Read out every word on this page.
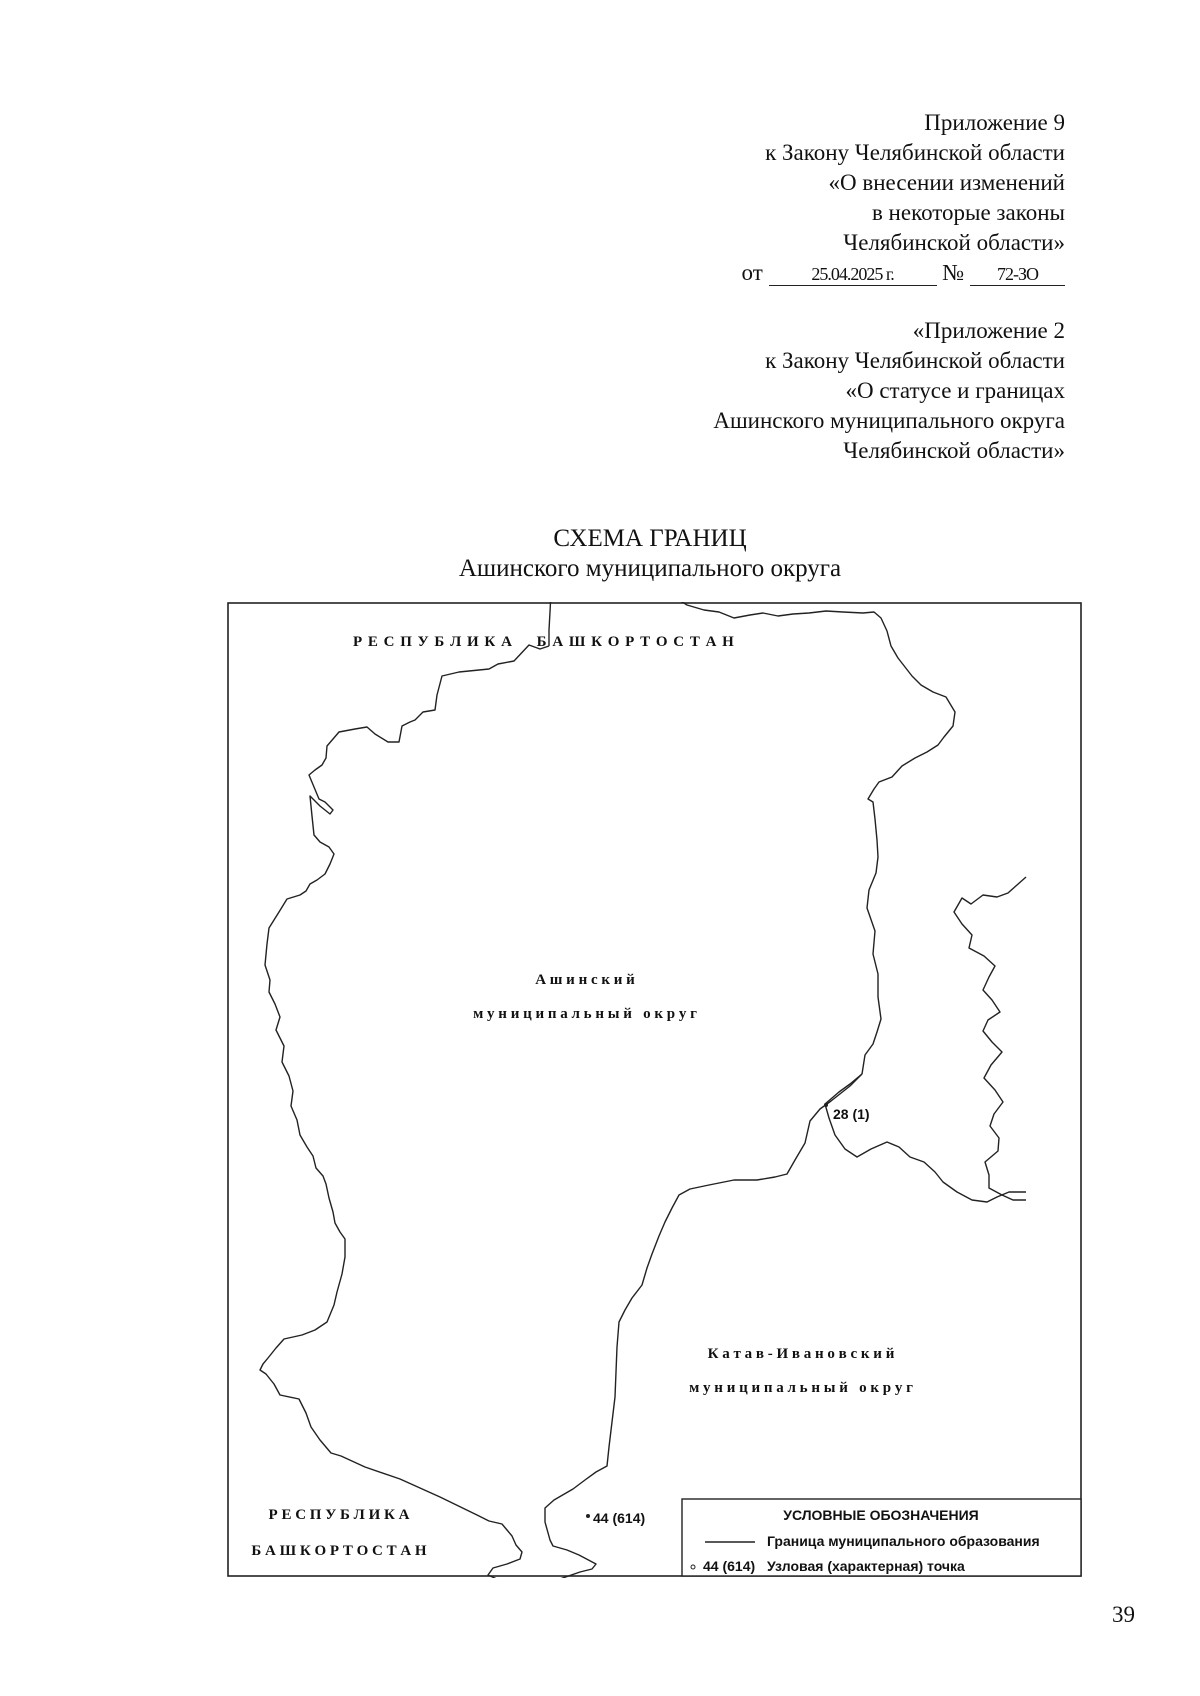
Приложение 9
к Закону Челябинской области
«О внесении изменений
в некоторые законы
Челябинской области»
от	25.04.2025 г. № 72-ЗО
«Приложение 2
к Закону Челябинской области
«О статусе и границах
Ашинского муниципального округа
Челябинской области»
СХЕМА ГРАНИЦ
Ашинского муниципального округа
Р Е С П У Б Л И К А     Б А Ш К О Р Т О С Т А Н
А ш и н с к и й
м у н и ц и п а л ь н ы й   о к р у г
28 (1)
К а т а в - И в а н о в с к и й
м у н и ц и п а л ь н ы й   о к р у г
Р Е С П У Б Л И К А
Б А Ш К О Р Т О С Т А Н
44 (614)	УСЛОВНЫЕ ОБОЗНАЧЕНИЯ
Граница муниципального образования
44 (614) Узловая (характерная) точка
39
